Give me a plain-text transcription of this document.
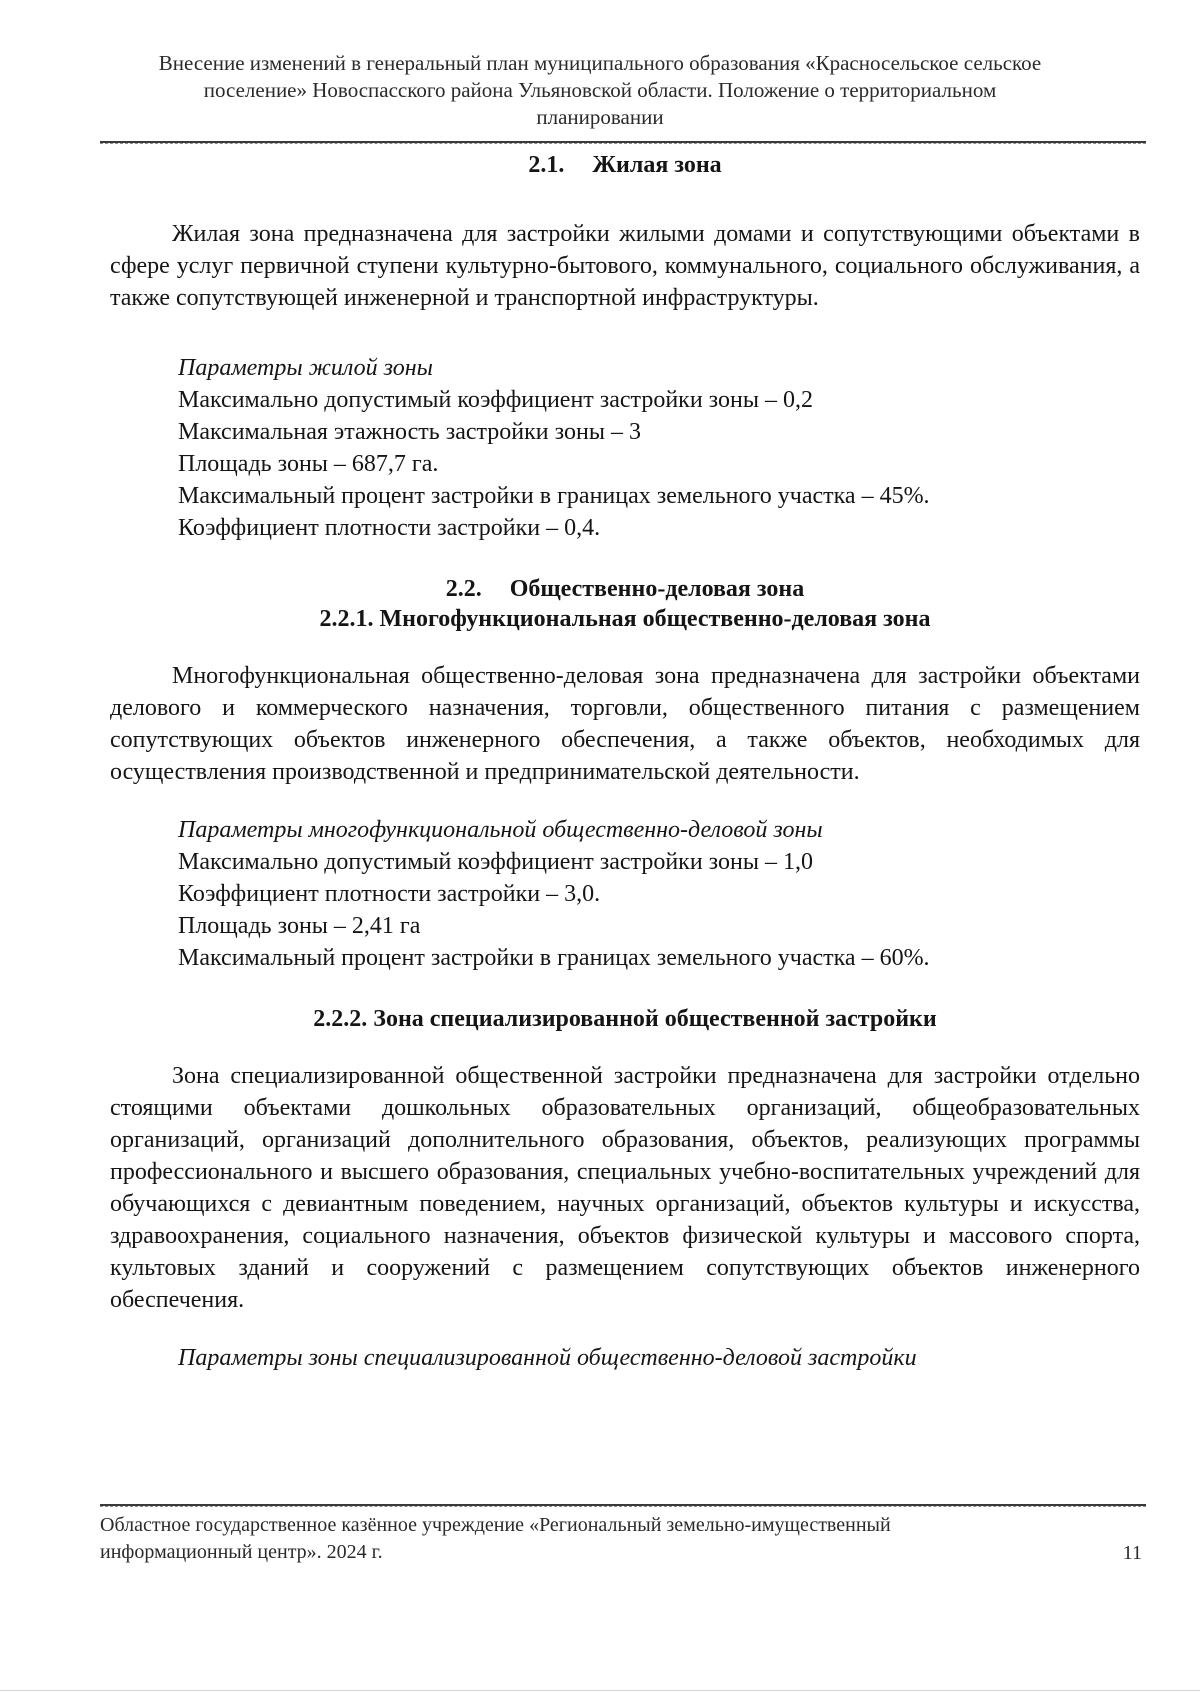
Внесение изменений в генеральный план муниципального образования «Красносельское сельское
поселение» Новоспасского района Ульяновской области. Положение о территориальном
планировании

2.1. Жилая зона

Жилая зона предназначена для застройки жилыми домами и сопутствующими объектами в сфере услуг первичной ступени культурно-бытового, коммунального, социального обслуживания, а также сопутствующей инженерной и транспортной инфраструктуры.

Параметры жилой зоны
Максимально допустимый коэффициент застройки зоны – 0,2
Максимальная этажность застройки зоны – 3
Площадь зоны – 687,7 га.
Максимальный процент застройки в границах земельного участка – 45%.
Коэффициент плотности застройки – 0,4.

2.2. Общественно-деловая зона

2.2.1. Многофункциональная общественно-деловая зона

Многофункциональная общественно-деловая зона предназначена для застройки объектами делового и коммерческого назначения, торговли, общественного питания с размещением сопутствующих объектов инженерного обеспечения, а также объектов, необходимых для осуществления производственной и предпринимательской деятельности.

Параметры многофункциональной общественно-деловой зоны
Максимально допустимый коэффициент застройки зоны – 1,0
Коэффициент плотности застройки – 3,0.
Площадь зоны – 2,41 га
Максимальный процент застройки в границах земельного участка – 60%.

2.2.2. Зона специализированной общественной застройки

Зона специализированной общественной застройки предназначена для застройки отдельно стоящими объектами дошкольных образовательных организаций, общеобразовательных организаций, организаций дополнительного образования, объектов, реализующих программы профессионального и высшего образования, специальных учебно-воспитательных учреждений для обучающихся с девиантным поведением, научных организаций, объектов культуры и искусства, здравоохранения, социального назначения, объектов физической культуры и массового спорта, культовых зданий и сооружений с размещением сопутствующих объектов инженерного обеспечения.

Параметры зоны специализированной общественно-деловой застройки
Областное государственное казённое учреждение «Региональный земельно-имущественный
информационный центр». 2024 г.	11
